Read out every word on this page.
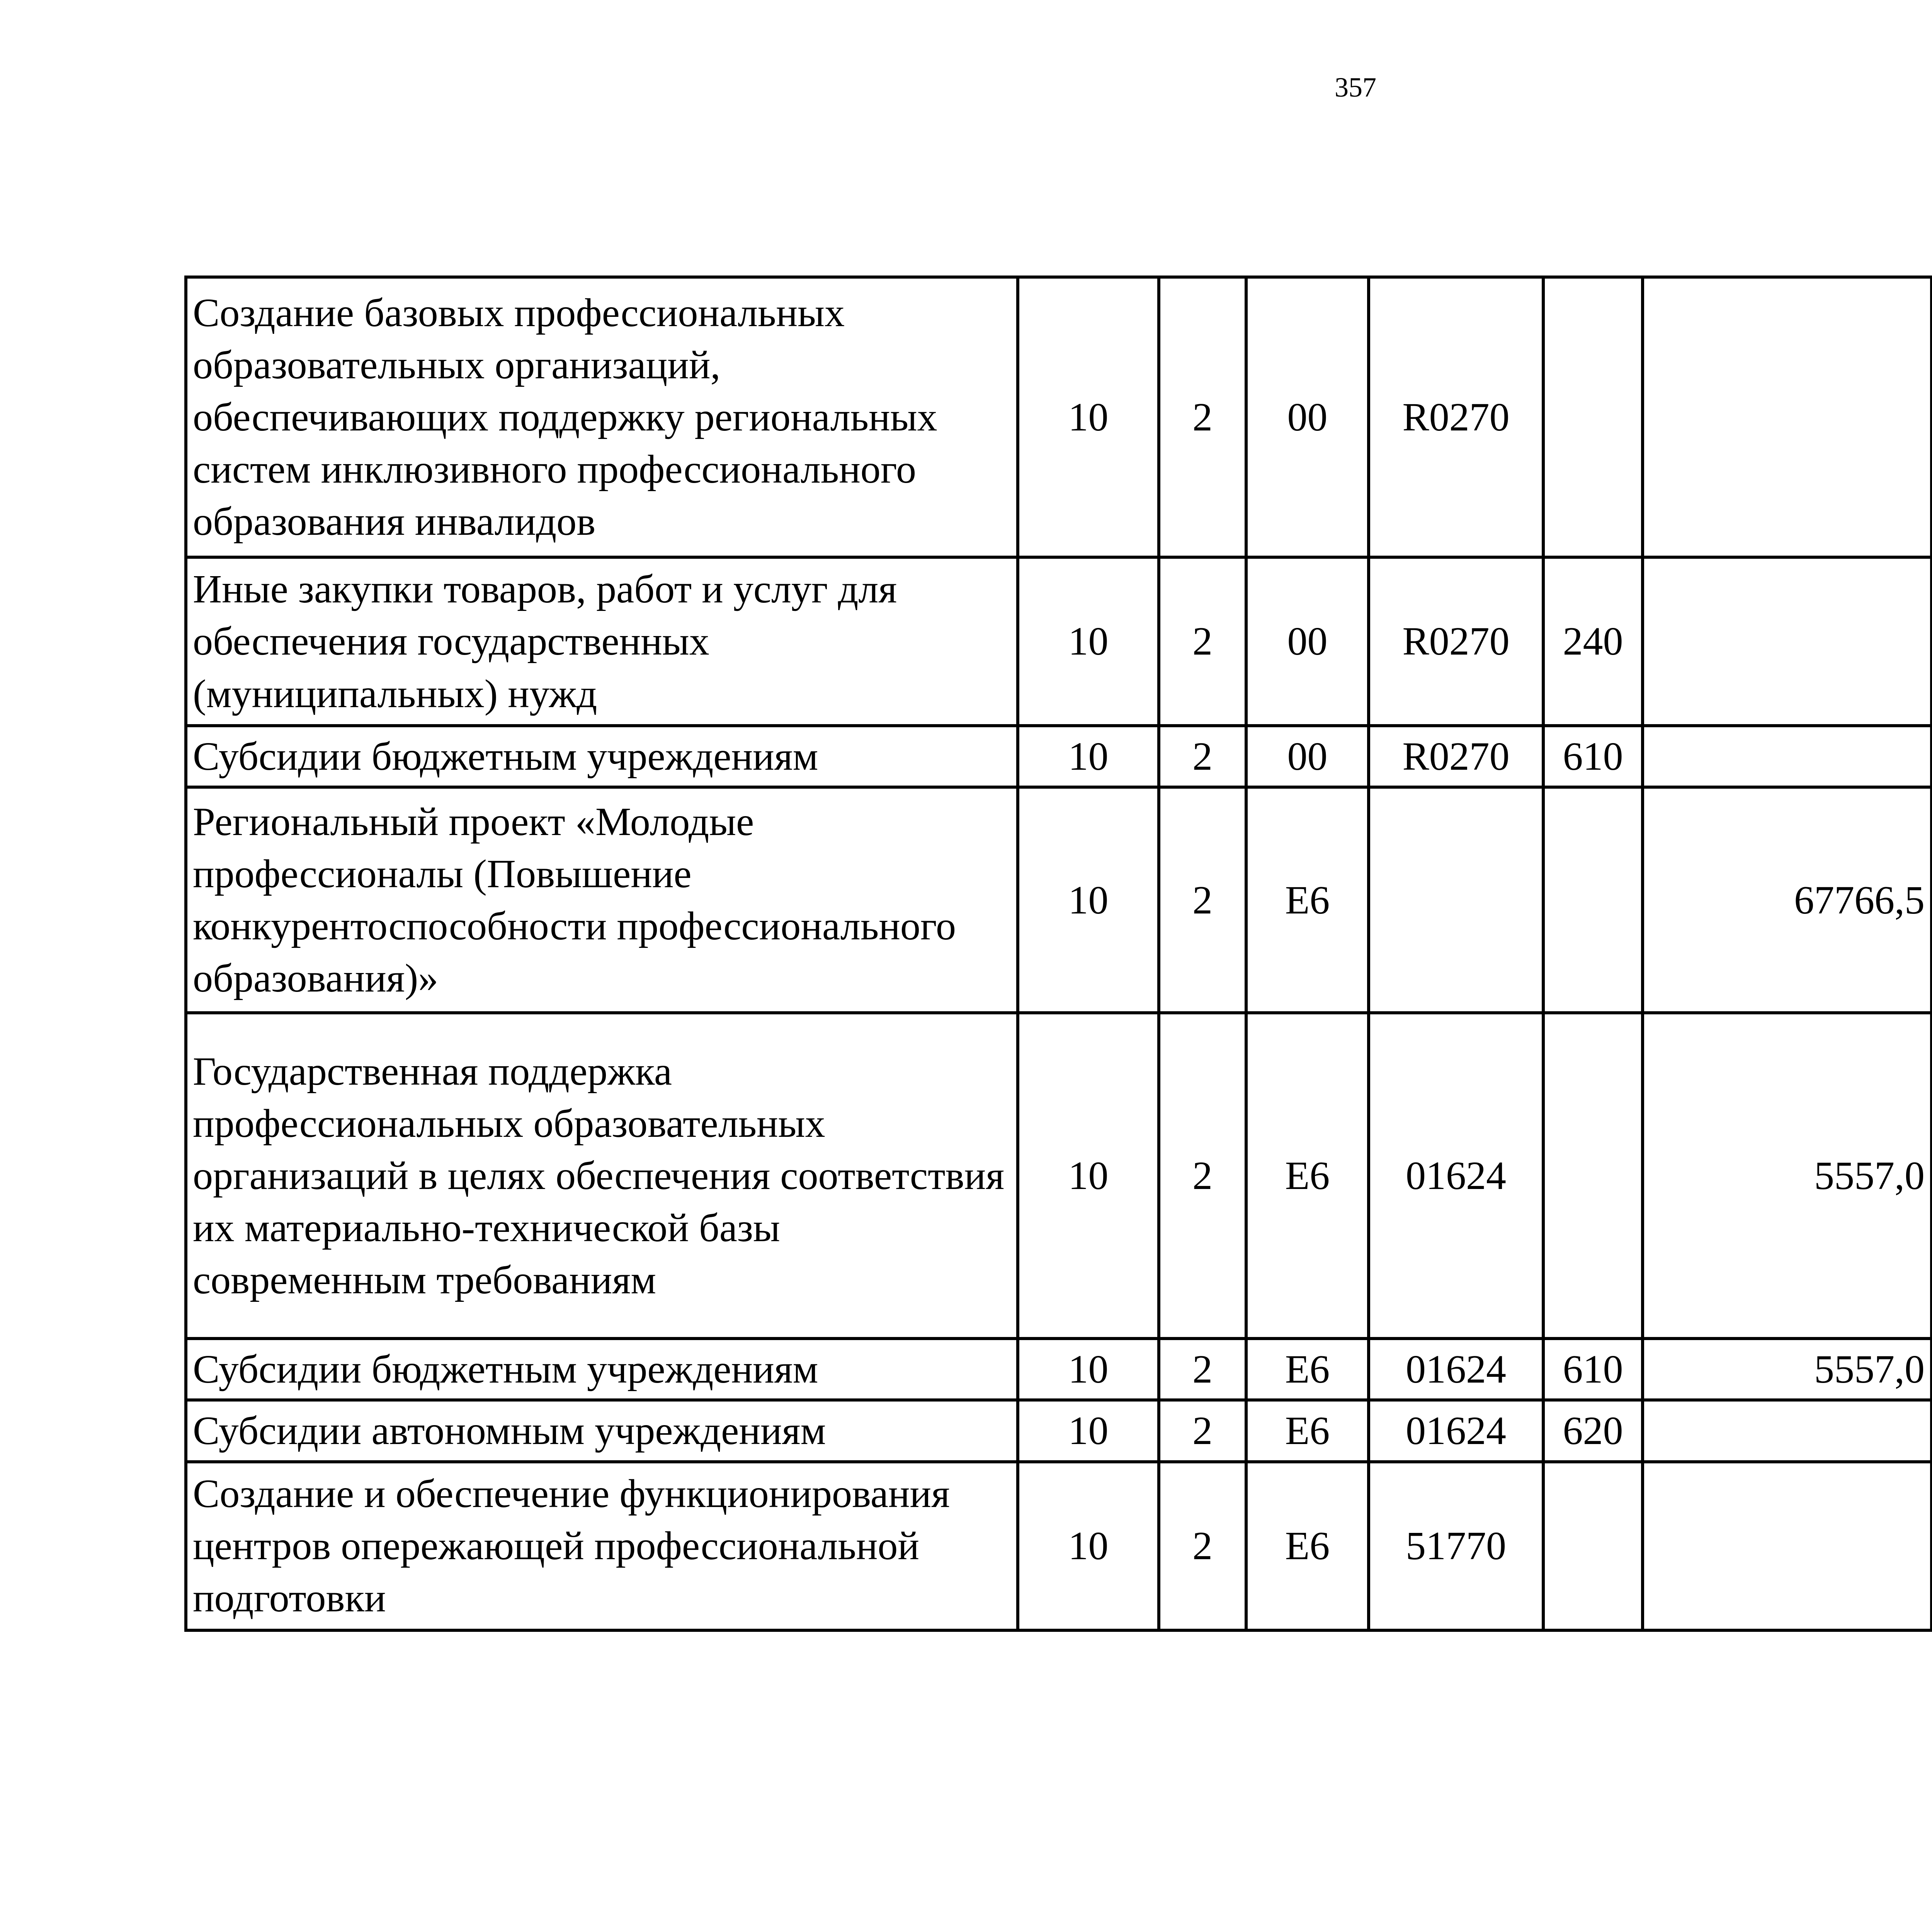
357
Создание базовых профессиональных образовательных организаций, обеспечивающих поддержку региональных систем инклюзивного профессионального образования инвалидов	10	2	00	R0270				
Иные закупки товаров, работ и услуг для обеспечения государственных (муниципальных) нужд	10	2	00	R0270	240			
Субсидии бюджетным учреждениям	10	2	00	R0270	610			
Региональный проект «Молодые профессионалы (Повышение конкурентоспособности профессионального образования)»	10	2	E6			67766,5		
Государственная поддержка профессиональных образовательных организаций в целях обеспечения соответствия их материально-технической базы современным требованиям	10	2	E6	01624		5557,0		
Субсидии бюджетным учреждениям	10	2	E6	01624	610	5557,0		
Субсидии автономным учреждениям	10	2	E6	01624	620			
Создание и обеспечение функционирования центров опережающей профессиональной подготовки	10	2	E6	51770				
